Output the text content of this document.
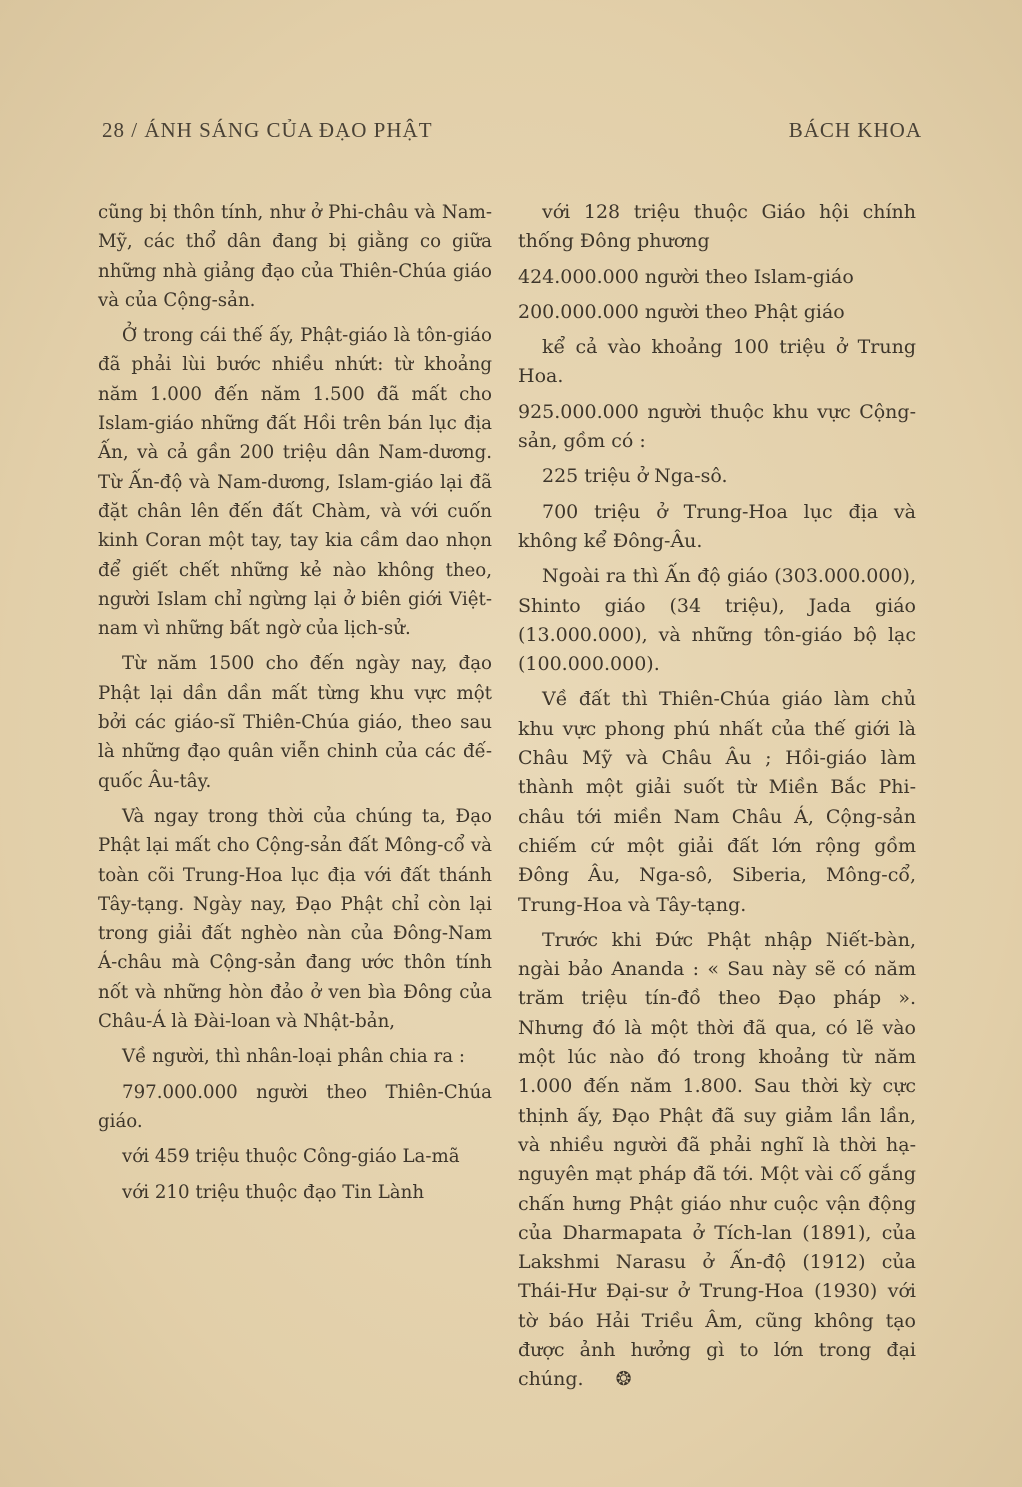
28 / ÁNH SÁNG CỦA ĐẠO PHẬT	BÁCH KHOA

cũng bị thôn tính, như ở Phi-châu và Nam-Mỹ, các thổ dân đang bị giằng co giữa những nhà giảng đạo của Thiên-Chúa giáo và của Cộng-sản.

Ở trong cái thế ấy, Phật-giáo là tôn-giáo đã phải lùi bước nhiều nhứt: từ khoảng năm 1.000 đến năm 1.500 đã mất cho Islam-giáo những đất Hồi trên bán lục địa Ấn, và cả gần 200 triệu dân Nam-dương. Từ Ấn-độ và Nam-dương, Islam-giáo lại đã đặt chân lên đến đất Chàm, và với cuốn kinh Coran một tay, tay kia cầm dao nhọn để giết chết những kẻ nào không theo, người Islam chỉ ngừng lại ở biên giới Việt-nam vì những bất ngờ của lịch-sử.

Từ năm 1500 cho đến ngày nay, đạo Phật lại dần dần mất từng khu vực một bởi các giáo-sĩ Thiên-Chúa giáo, theo sau là những đạo quân viễn chinh của các đế-quốc Âu-tây.

Và ngay trong thời của chúng ta, Đạo Phật lại mất cho Cộng-sản đất Mông-cổ và toàn cõi Trung-Hoa lục địa với đất thánh Tây-tạng. Ngày nay, Đạo Phật chỉ còn lại trong giải đất nghèo nàn của Đông-Nam Á-châu mà Cộng-sản đang ước thôn tính nốt và những hòn đảo ở ven bìa Đông của Châu-Á là Đài-loan và Nhật-bản,

Về người, thì nhân-loại phân chia ra :

797.000.000 người theo Thiên-Chúa giáo.

với 459 triệu thuộc Công-giáo La-mã

với 210 triệu thuộc đạo Tin Lành

với 128 triệu thuộc Giáo hội chính thống Đông phương

424.000.000 người theo Islam-giáo

200.000.000 người theo Phật giáo

kể cả vào khoảng 100 triệu ở Trung Hoa.

925.000.000 người thuộc khu vực Cộng-sản, gồm có :

225 triệu ở Nga-sô.

700 triệu ở Trung-Hoa lục địa và không kể Đông-Âu.

Ngoài ra thì Ấn độ giáo (303.000.000), Shinto giáo (34 triệu), Jada giáo (13.000.000), và những tôn-giáo bộ lạc (100.000.000).

Về đất thì Thiên-Chúa giáo làm chủ khu vực phong phú nhất của thế giới là Châu Mỹ và Châu Âu ; Hồi-giáo làm thành một giải suốt từ Miền Bắc Phi-châu tới miền Nam Châu Á, Cộng-sản chiếm cứ một giải đất lớn rộng gồm Đông Âu, Nga-sô, Siberia, Mông-cổ, Trung-Hoa và Tây-tạng.

Trước khi Đức Phật nhập Niết-bàn, ngài bảo Ananda : « Sau này sẽ có năm trăm triệu tín-đồ theo Đạo pháp ». Nhưng đó là một thời đã qua, có lẽ vào một lúc nào đó trong khoảng từ năm 1.000 đến năm 1.800. Sau thời kỳ cực thịnh ấy, Đạo Phật đã suy giảm lần lần, và nhiều người đã phải nghĩ là thời hạ-nguyên mạt pháp đã tới. Một vài cố gắng chấn hưng Phật giáo như cuộc vận động của Dharmapata ở Tích-lan (1891), của Lakshmi Narasu ở Ấn-độ (1912) của Thái-Hư Đại-sư ở Trung-Hoa (1930) với tờ báo Hải Triều Âm, cũng không tạo được ảnh hưởng gì to lớn trong đại chúng. ❂
